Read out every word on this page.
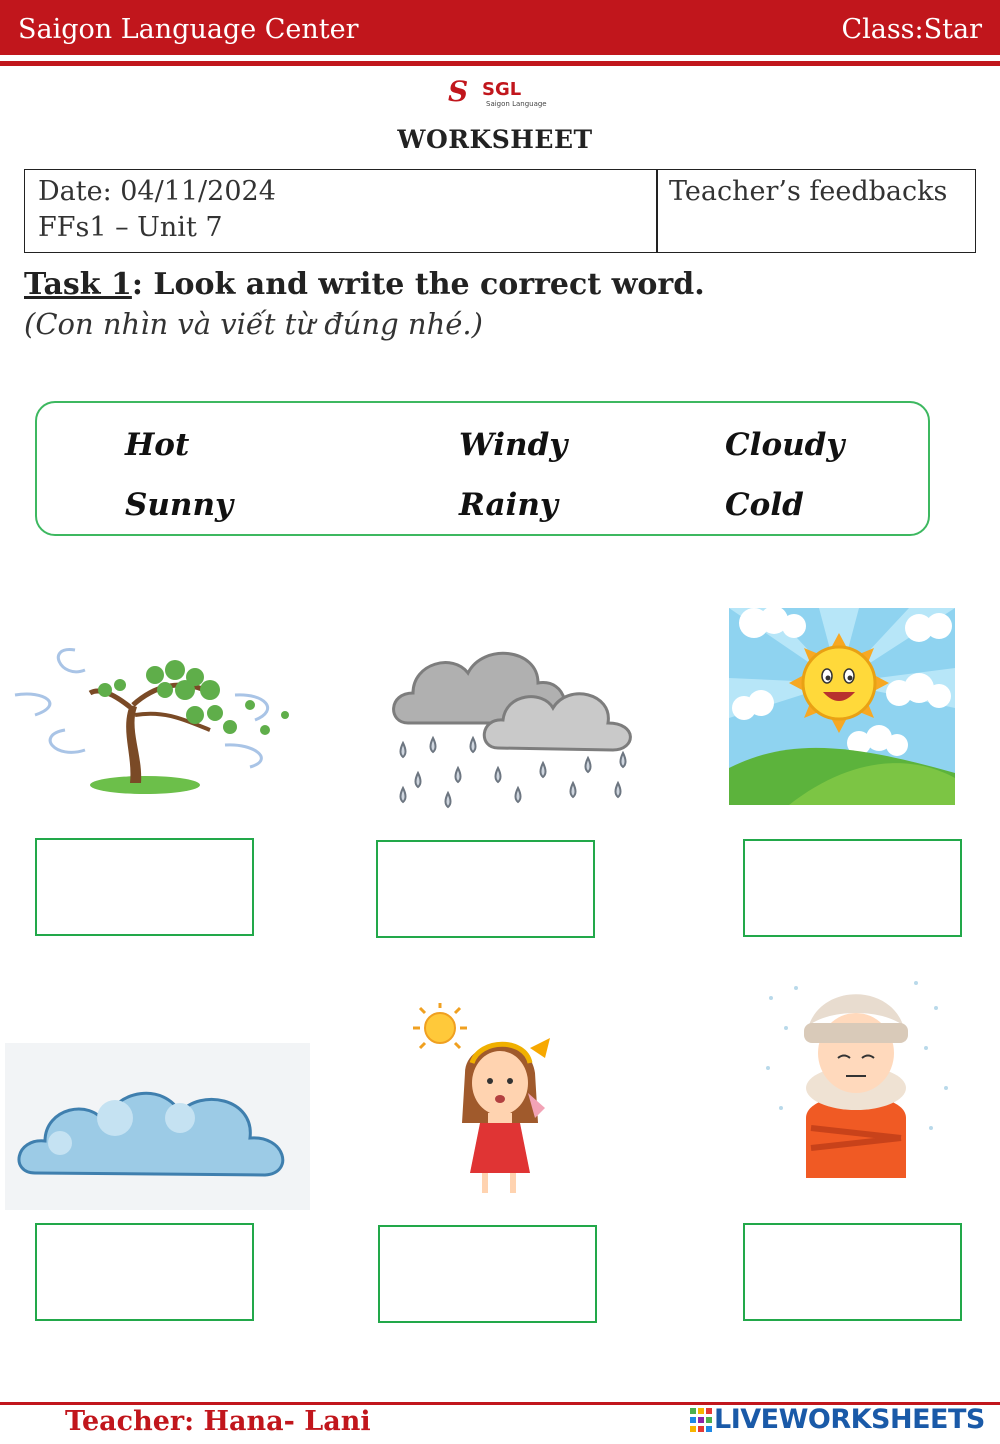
Saigon Language Center	Class:Star
S SGL
Saigon Language
WORKSHEET
Date: 04/11/2024
FFs1 – Unit 7
Teacher’s feedbacks
Task 1: Look and write the correct word.
(Con nhìn và viết từ đúng nhé.)
Hot	Windy	Cloudy
Sunny	Rainy	Cold
Teacher: Hana- Lani	LIVEWORKSHEETS
